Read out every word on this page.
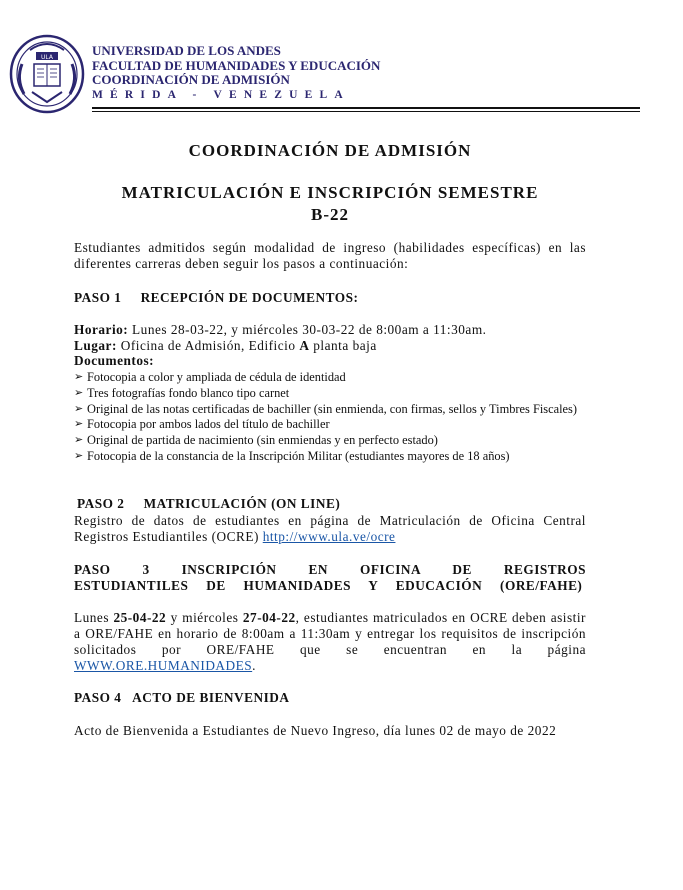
ULA	UNIVERSIDAD DE LOS ANDES
FACULTAD DE HUMANIDADES Y EDUCACIÓN
COORDINACIÓN DE ADMISIÓN
MÉRIDA - VENEZUELA
COORDINACIÓN DE ADMISIÓN
MATRICULACIÓN E INSCRIPCIÓN SEMESTRE
B-22
Estudiantes admitidos según modalidad de ingreso (habilidades específicas) en las diferentes carreras deben seguir los pasos a continuación:
PASO 1     RECEPCIÓN DE DOCUMENTOS:
Horario: Lunes 28-03-22, y miércoles 30-03-22 de 8:00am a 11:30am.
Lugar: Oficina de Admisión, Edificio A planta baja
Documentos:
➢ Fotocopia a color y ampliada de cédula de identidad
➢ Tres fotografías fondo blanco tipo carnet
➢ Original de las notas certificadas de bachiller (sin enmienda, con firmas, sellos y Timbres Fiscales)
➢ Fotocopia por ambos lados del título de bachiller
➢ Original de partida de nacimiento (sin enmiendas y en perfecto estado)
➢ Fotocopia de la constancia de la Inscripción Militar (estudiantes mayores de 18 años)
PASO 2     MATRICULACIÓN (ON LINE)
Registro de datos de estudiantes en página de Matriculación de Oficina Central Registros Estudiantiles (OCRE) http://www.ula.ve/ocre
PASO 3 INSCRIPCIÓN EN OFICINA DE REGISTROS ESTUDIANTILES DE HUMANIDADES Y EDUCACIÓN (ORE/FAHE)
Lunes 25-04-22 y miércoles 27-04-22, estudiantes matriculados en OCRE deben asistir a ORE/FAHE en horario de 8:00am a 11:30am y entregar los requisitos de inscripción solicitados por ORE/FAHE que se encuentran en la página WWW.ORE.HUMANIDADES.
PASO 4   ACTO DE BIENVENIDA
Acto de Bienvenida a Estudiantes de Nuevo Ingreso, día lunes 02 de mayo de 2022
